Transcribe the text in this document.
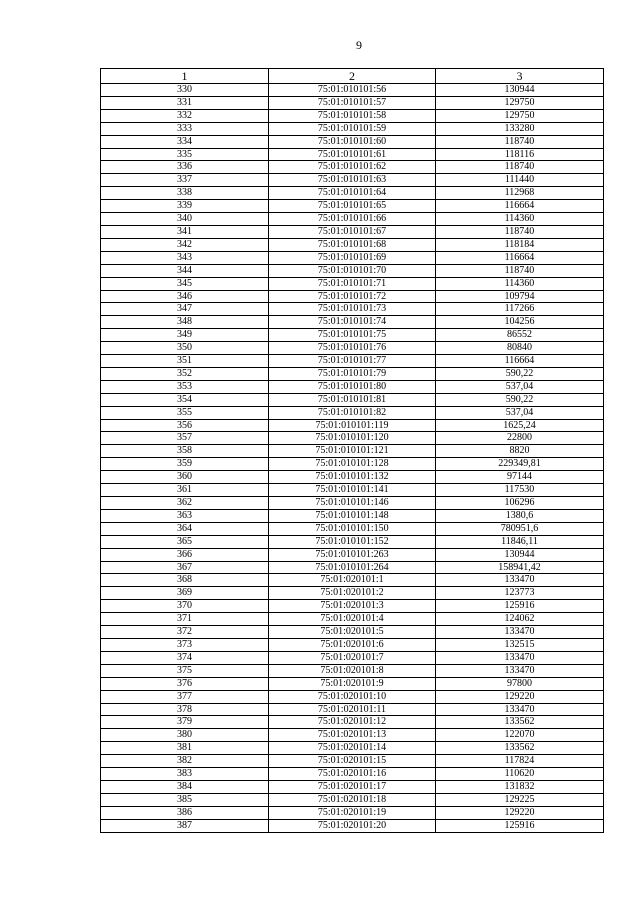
9
1	2	3
330	75:01:010101:56	130944
331	75:01:010101:57	129750
332	75:01:010101:58	129750
333	75:01:010101:59	133280
334	75:01:010101:60	118740
335	75:01:010101:61	118116
336	75:01:010101:62	118740
337	75:01:010101:63	111440
338	75:01:010101:64	112968
339	75:01:010101:65	116664
340	75:01:010101:66	114360
341	75:01:010101:67	118740
342	75:01:010101:68	118184
343	75:01:010101:69	116664
344	75:01:010101:70	118740
345	75:01:010101:71	114360
346	75:01:010101:72	109794
347	75:01:010101:73	117266
348	75:01:010101:74	104256
349	75:01:010101:75	86552
350	75:01:010101:76	80840
351	75:01:010101:77	116664
352	75:01:010101:79	590,22
353	75:01:010101:80	537,04
354	75:01:010101:81	590,22
355	75:01:010101:82	537,04
356	75:01:010101:119	1625,24
357	75:01:010101:120	22800
358	75:01:010101:121	8820
359	75:01:010101:128	229349,81
360	75:01:010101:132	97144
361	75:01:010101:141	117530
362	75:01:010101:146	106296
363	75:01:010101:148	1380,6
364	75:01:010101:150	780951,6
365	75:01:010101:152	11846,11
366	75:01:010101:263	130944
367	75:01:010101:264	158941,42
368	75:01:020101:1	133470
369	75:01:020101:2	123773
370	75:01:020101:3	125916
371	75:01:020101:4	124062
372	75:01:020101:5	133470
373	75:01:020101:6	132515
374	75:01:020101:7	133470
375	75:01:020101:8	133470
376	75:01:020101:9	97800
377	75:01:020101:10	129220
378	75:01:020101:11	133470
379	75:01:020101:12	133562
380	75:01:020101:13	122070
381	75:01:020101:14	133562
382	75:01:020101:15	117824
383	75:01:020101:16	110620
384	75:01:020101:17	131832
385	75:01:020101:18	129225
386	75:01:020101:19	129220
387	75:01:020101:20	125916
